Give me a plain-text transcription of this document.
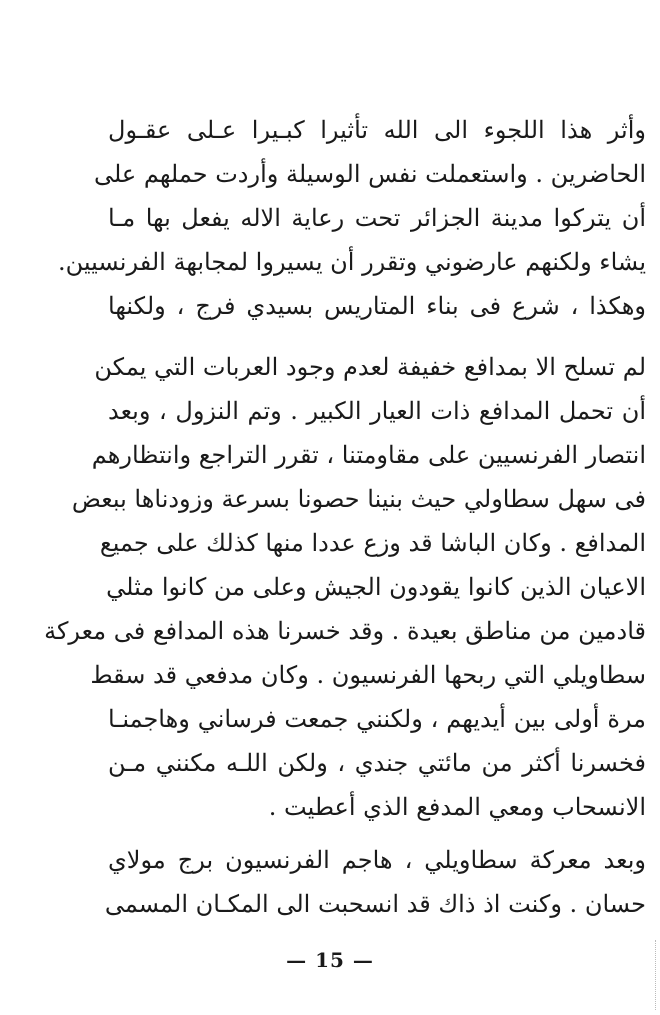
وأثر هذا اللجوء الى الله تأثيرا كبـيرا عـلى عقـول
الحاضرين . واستعملت نفس الوسيلة وأردت حملهم على
أن يتركوا مدينة الجزائر تحت رعاية الاله يفعل بها مـا
يشاء ولكنهم عارضوني وتقرر أن يسيروا لمجابهة الفرنسيين.
وهكذا ، شرع فى بناء المتاريس بسيدي فرج ، ولكنها
لم تسلح الا بمدافع خفيفة لعدم وجود العربات التي يمكن
أن تحمل المدافع ذات العيار الكبير . وتم النزول ، وبعد
انتصار الفرنسيين على مقاومتنا ، تقرر التراجع وانتظارهم
فى سهل سطاولي حيث بنينا حصونا بسرعة وزودناها ببعض
المدافع . وكان الباشا قد وزع عددا منها كذلك على جميع
الاعيان الذين كانوا يقودون الجيش وعلى من كانوا مثلي
قادمين من مناطق بعيدة . وقد خسرنا هذه المدافع فى معركة
سطاويلي التي ربحها الفرنسيون . وكان مدفعي قد سقط
مرة أولى بين أيديهم ، ولكنني جمعت فرساني وهاجمنـا
فخسرنا أكثر من مائتي جندي ، ولكن اللـه مكنني مـن
الانسحاب ومعي المدفع الذي أعطيت .
وبعد معركة سطاويلي ، هاجم الفرنسيون برج مولاي
حسان . وكنت اذ ذاك قد انسحبت الى المكـان المسمى
— 15 —
